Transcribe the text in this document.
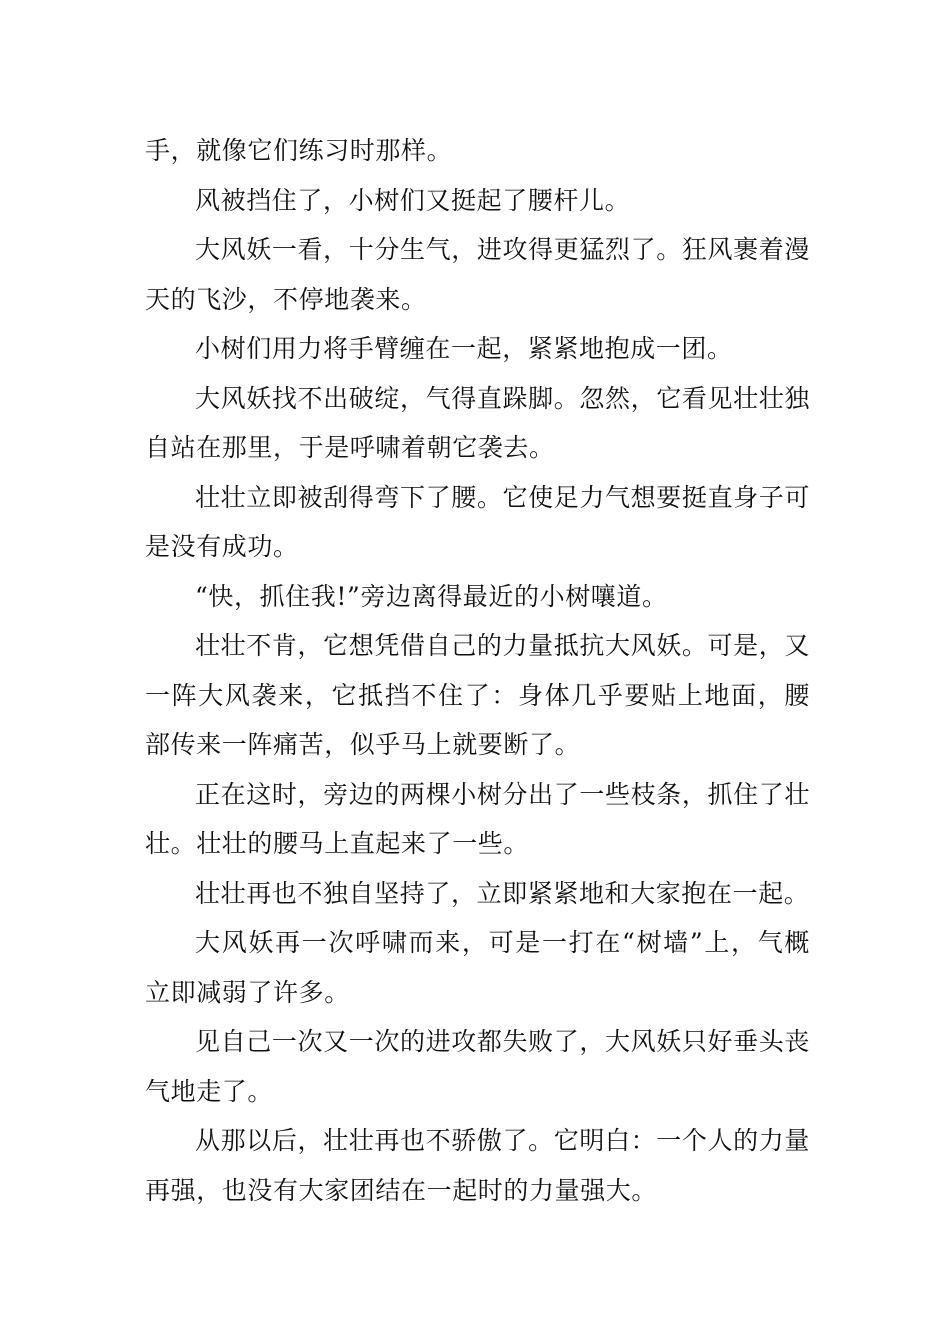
手，就像它们练习时那样。

风被挡住了，小树们又挺起了腰杆儿。

大风妖一看，十分生气，进攻得更猛烈了。狂风裹着漫天的飞沙，不停地袭来。

小树们用力将手臂缠在一起，紧紧地抱成一团。

大风妖找不出破绽，气得直跺脚。忽然，它看见壮壮独自站在那里，于是呼啸着朝它袭去。

壮壮立即被刮得弯下了腰。它使足力气想要挺直身子可是没有成功。

“快，抓住我!”旁边离得最近的小树嚷道。

壮壮不肯，它想凭借自己的力量抵抗大风妖。可是，又一阵大风袭来，它抵挡不住了：身体几乎要贴上地面，腰部传来一阵痛苦，似乎马上就要断了。

正在这时，旁边的两棵小树分出了一些枝条，抓住了壮壮。壮壮的腰马上直起来了一些。

壮壮再也不独自坚持了，立即紧紧地和大家抱在一起。

大风妖再一次呼啸而来，可是一打在“树墙”上，气概立即减弱了许多。

见自己一次又一次的进攻都失败了，大风妖只好垂头丧气地走了。

从那以后，壮壮再也不骄傲了。它明白：一个人的力量再强，也没有大家团结在一起时的力量强大。
